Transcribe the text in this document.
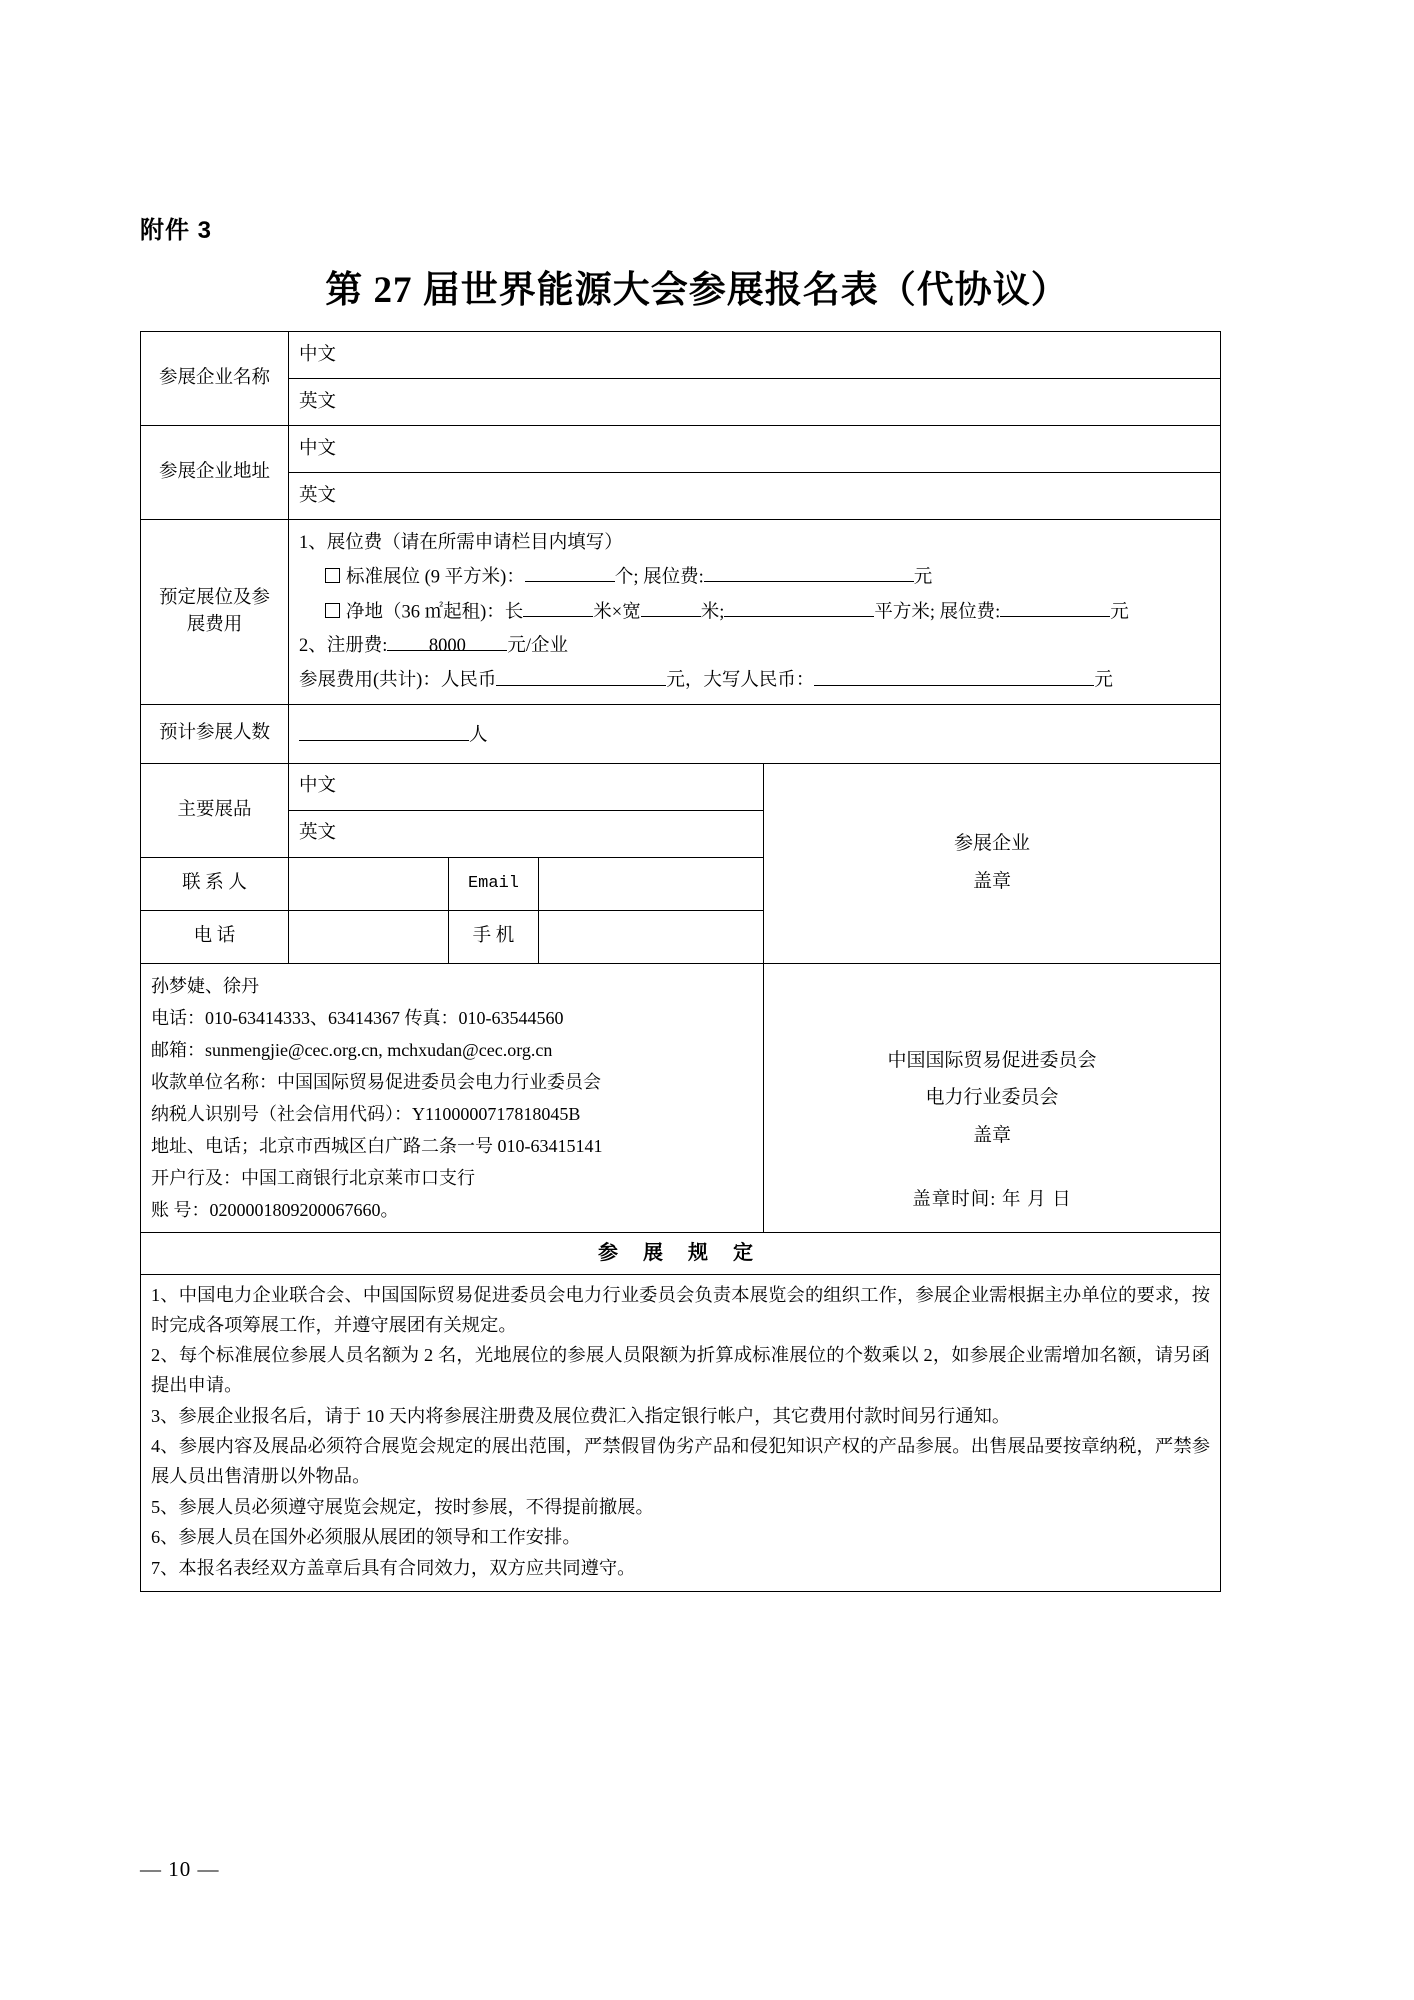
附件 3
第 27 届世界能源大会参展报名表（代协议）
参展企业名称	中文			
	英文			
参展企业地址	中文			
	英文			

预定展位及参
展费用

1、展位费（请在所需申请栏目内填写）
标准展位 (9 平方米)：	个; 展位费:	元
净地（36 ㎡起租)：长	米×宽	米;	平方米; 展位费:	元
2、注册费: 8000 元/企业
参展费用(共计)：人民币	元，大写人民币：	元

预计参展人数	人			
主要展品	中文			参展企业
盖章

	英文			
联 系 人		Email		
电 话		手 机		

孙梦婕、徐丹
电话：010-63414333、63414367 传真：010-63544560
邮箱：sunmengjie@cec.org.cn, mchxudan@cec.org.cn
收款单位名称：中国国际贸易促进委员会电力行业委员会
纳税人识别号（社会信用代码）：Y1100000717818045B
地址、电话；北京市西城区白广路二条一号 010-63415141
开户行及：中国工商银行北京莱市口支行
账 号：0200001809200067660。

中国国际贸易促进委员会
电力行业委员会
盖章
盖章时间: 年 月 日

参 展 规 定				

1、中国电力企业联合会、中国国际贸易促进委员会电力行业委员会负责本展览会的组织工作，参展企业需根据主办单位的要求，按时完成各项筹展工作，并遵守展团有关规定。

2、每个标准展位参展人员名额为 2 名，光地展位的参展人员限额为折算成标准展位的个数乘以 2，如参展企业需增加名额，请另函提出申请。

3、参展企业报名后，请于 10 天内将参展注册费及展位费汇入指定银行帐户，其它费用付款时间另行通知。

4、参展内容及展品必须符合展览会规定的展出范围，严禁假冒伪劣产品和侵犯知识产权的产品参展。出售展品要按章纳税，严禁参展人员出售清册以外物品。

5、参展人员必须遵守展览会规定，按时参展，不得提前撤展。

6、参展人员在国外必须服从展团的领导和工作安排。

7、本报名表经双方盖章后具有合同效力，双方应共同遵守。

— 10 —
